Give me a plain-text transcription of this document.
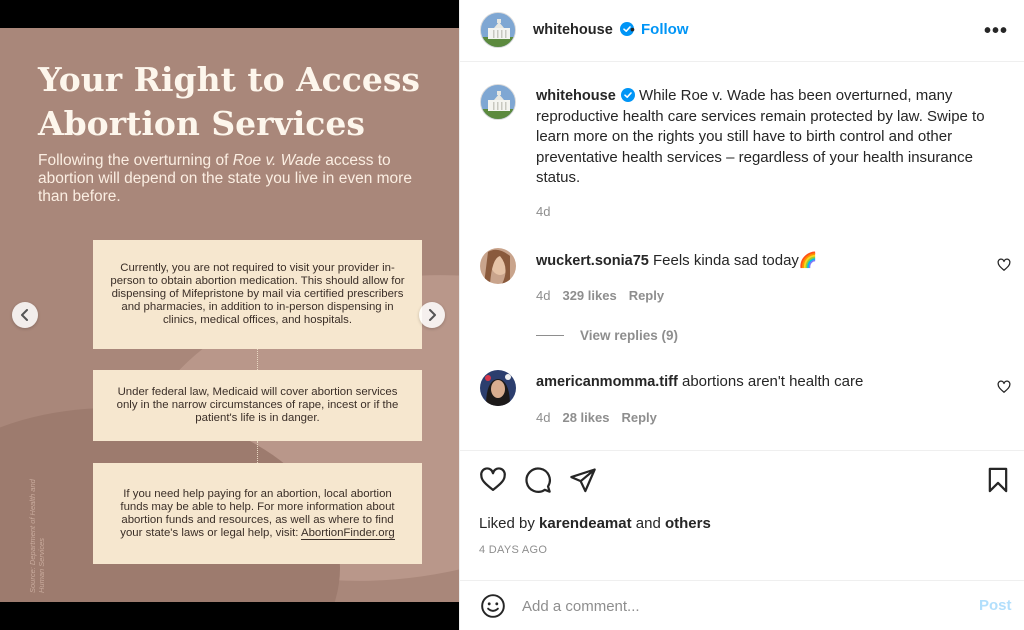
Your Right to Access Abortion Services
Following the overturning of Roe v. Wade access to abortion will depend on the state you live in even more than before.
Currently, you are not required to visit your provider in-person to obtain abortion medication. This should allow for dispensing of Mifepristone by mail via certified prescribers and pharmacies, in addition to in-person dispensing in clinics, medical offices, and hospitals.
Under federal law, Medicaid will cover abortion services only in the narrow circumstances of rape, incest or if the patient's life is in danger.
If you need help paying for an abortion, local abortion funds may be able to help. For more information about abortion funds and resources, as well as where to find your state's laws or legal help, visit: AbortionFinder.org
Source: Department of Health and Human Services
whitehouse	• Follow	•••
whitehouse While Roe v. Wade has been overturned, many reproductive health care services remain protected by law. Swipe to learn more on the rights you still have to birth control and other preventative health services – regardless of your health insurance status.
4d
wuckert.sonia75 Feels kinda sad today🌈
4d 329 likes Reply
View replies (9)
americanmomma.tiff abortions aren't health care
4d 28 likes Reply
Liked by karendeamat and others
4 DAYS AGO
Add a comment...
Post
